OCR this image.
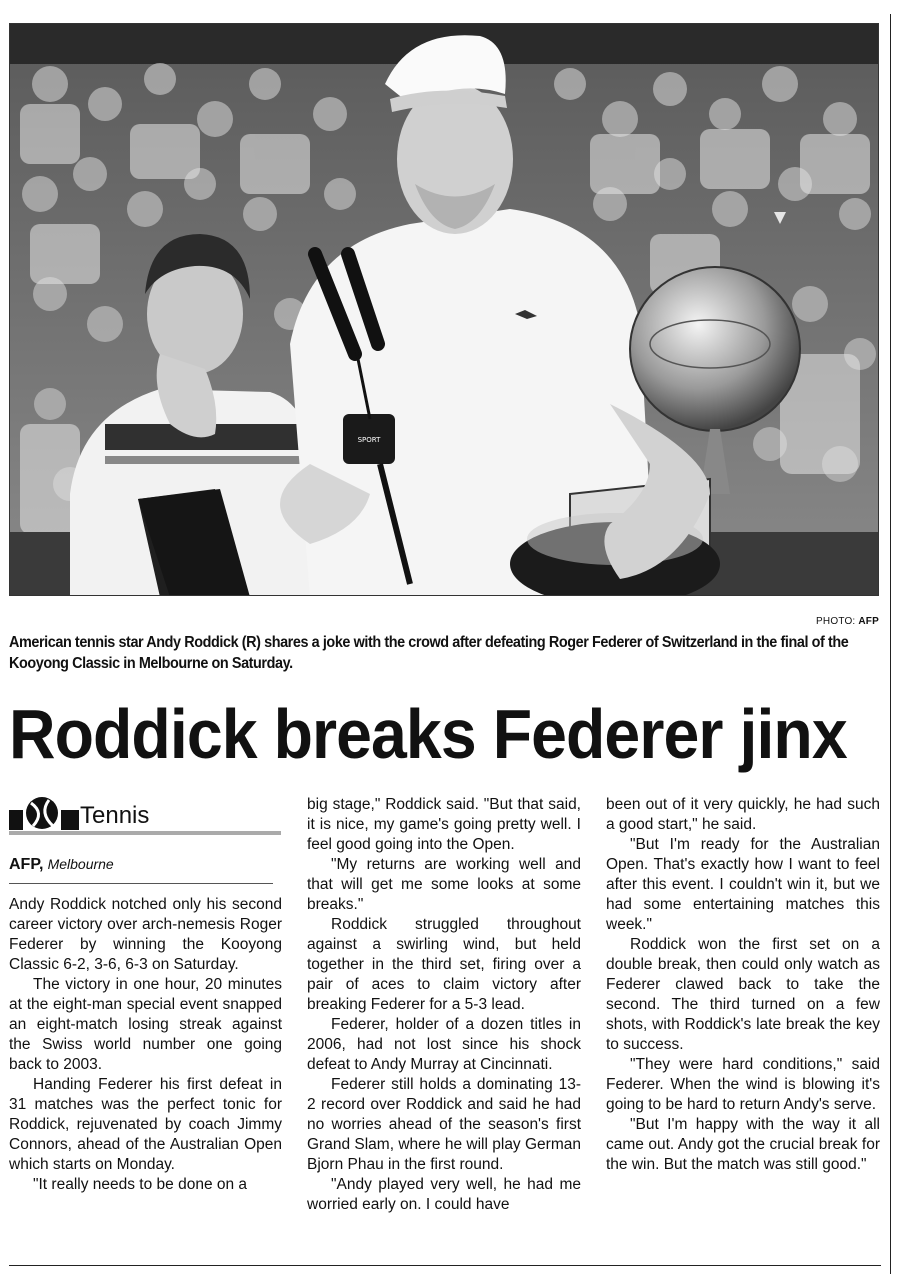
SPORT
PHOTO: AFP
American tennis star Andy Roddick (R) shares a joke with the crowd after defeating Roger Federer of Switzerland in the final of the Kooyong Classic in Melbourne on Saturday.
Roddick breaks Federer jinx
Tennis
AFP, Melbourne

Andy Roddick notched only his second career victory over arch-nemesis Roger Federer by winning the Kooyong Classic 6-2, 3-6, 6-3 on Saturday.

The victory in one hour, 20 minutes at the eight-man special event snapped an eight-match losing streak against the Swiss world number one going back to 2003.

Handing Federer his first defeat in 31 matches was the perfect tonic for Roddick, rejuvenated by coach Jimmy Connors, ahead of the Australian Open which starts on Monday.

"It really needs to be done on a

big stage," Roddick said. "But that said, it is nice, my game's going pretty well. I feel good going into the Open.

"My returns are working well and that will get me some looks at some breaks."

Roddick struggled throughout against a swirling wind, but held together in the third set, firing over a pair of aces to claim victory after breaking Federer for a 5-3 lead.

Federer, holder of a dozen titles in 2006, had not lost since his shock defeat to Andy Murray at Cincinnati.

Federer still holds a dominating 13-2 record over Roddick and said he had no worries ahead of the season's first Grand Slam, where he will play German Bjorn Phau in the first round.

"Andy played very well, he had me worried early on. I could have

been out of it very quickly, he had such a good start," he said.

"But I'm ready for the Australian Open. That's exactly how I want to feel after this event. I couldn't win it, but we had some entertaining matches this week."

Roddick won the first set on a double break, then could only watch as Federer clawed back to take the second. The third turned on a few shots, with Roddick's late break the key to success.

"They were hard conditions," said Federer. When the wind is blowing it's going to be hard to return Andy's serve.

"But I'm happy with the way it all came out. Andy got the crucial break for the win. But the match was still good."
